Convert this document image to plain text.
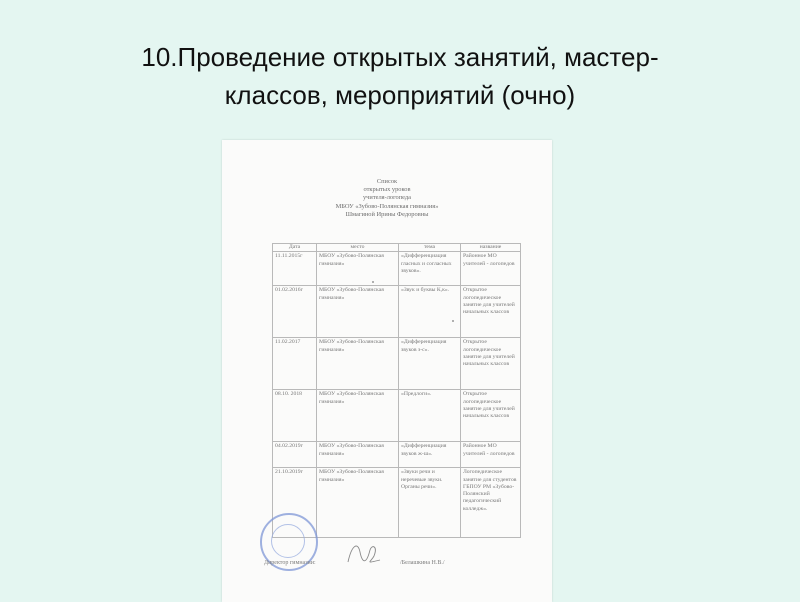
10.Проведение открытых занятий, мастер-
классов, мероприятий (очно)
Список
открытых уроков
учителя-логопеда
МБОУ «Зубово-Полянская гимназия»
Шмагиной Ирины Федоровны
Дата	место	тема	название
11.11.2015г	МБОУ «Зубово-Полянская гимназия»	«Дифференциация гласных и согласных звуков».	Районное МО учителей - логопедов
01.02.2016г	МБОУ «Зубово-Полянская гимназия»	«Звук и буквы К,к».	Открытое логопедическое занятие для учителей начальных классов
11.02.2017	МБОУ «Зубово-Полянская гимназия»	«Дифференциация звуков з-с».	Открытое логопедическое занятие для учителей начальных классов
08.10. 2018	МБОУ «Зубово-Полянская гимназия»	«Предлоги».	Открытое логопедическое занятие для учителей начальных классов
04.02.2019г	МБОУ «Зубово-Полянская гимназия»	«Дифференциация звуков ж-ш».	Районное МО учителей - логопедов
21.10.2019г	МБОУ «Зубово-Полянская гимназия»	«Звуки речи и неречевые звуки. Органы речи».	Логопедическое занятие для студентов ГБПОУ РМ «Зубово-Полянский педагогический колледж».
Директор гимназии:	/Белашкина Н.В./
